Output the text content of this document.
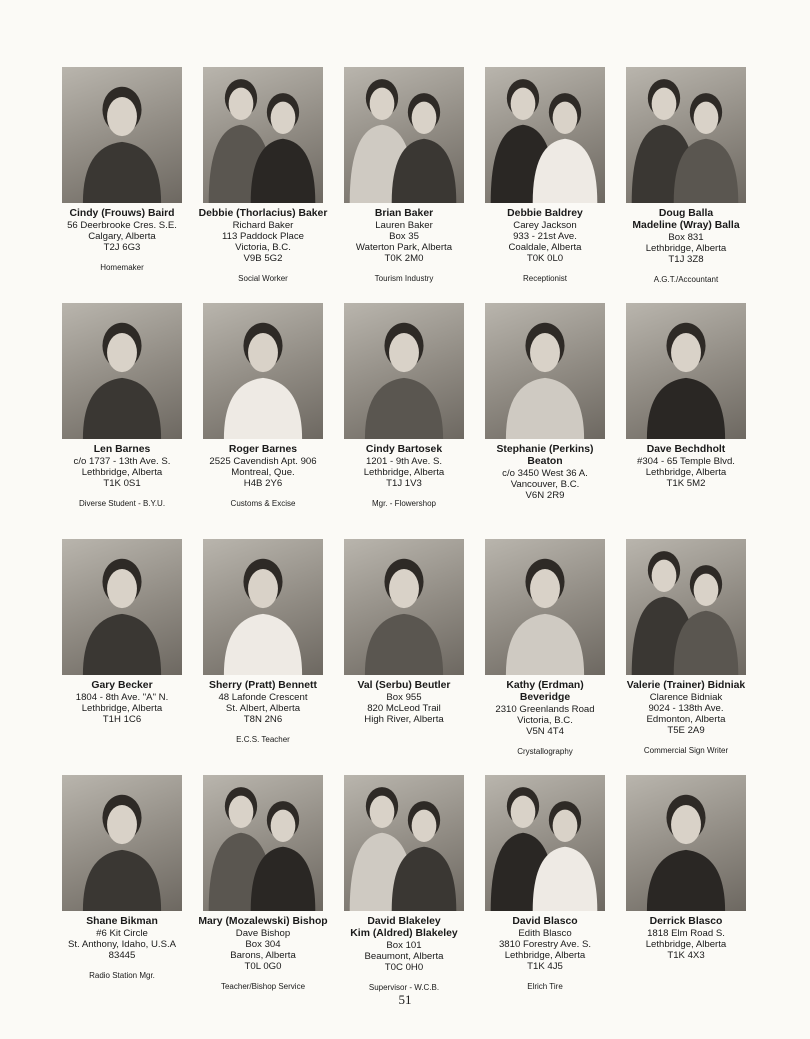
Cindy (Frouws) Baird
56 Deerbrooke Cres. S.E.
Calgary, Alberta
T2J 6G3
Homemaker
Debbie (Thorlacius) Baker
Richard Baker
113 Paddock Place
Victoria, B.C.
V9B 5G2
Social Worker
Brian Baker
Lauren Baker
Box 35
Waterton Park, Alberta
T0K 2M0
Tourism Industry
Debbie Baldrey
Carey Jackson
933 - 21st Ave.
Coaldale, Alberta
T0K 0L0
Receptionist
Doug Balla
Madeline (Wray) Balla
Box 831
Lethbridge, Alberta
T1J 3Z8
A.G.T./Accountant
Len Barnes
c/o 1737 - 13th Ave. S.
Lethbridge, Alberta
T1K 0S1
Diverse Student - B.Y.U.
Roger Barnes
2525 Cavendish Apt. 906
Montreal, Que.
H4B 2Y6
Customs & Excise
Cindy Bartosek
1201 - 9th Ave. S.
Lethbridge, Alberta
T1J 1V3
Mgr. - Flowershop
Stephanie (Perkins)
Beaton
c/o 3450 West 36 A.
Vancouver, B.C.
V6N 2R9
Dave Bechdholt
#304 - 65 Temple Blvd.
Lethbridge, Alberta
T1K 5M2
Gary Becker
1804 - 8th Ave. "A" N.
Lethbridge, Alberta
T1H 1C6
Sherry (Pratt) Bennett
48 Lafonde Crescent
St. Albert, Alberta
T8N 2N6
E.C.S. Teacher
Val (Serbu) Beutler
Box 955
820 McLeod Trail
High River, Alberta
Kathy (Erdman) Beveridge
2310 Greenlands Road
Victoria, B.C.
V5N 4T4
Crystallography
Valerie (Trainer) Bidniak
Clarence Bidniak
9024 - 138th Ave.
Edmonton, Alberta
T5E 2A9
Commercial Sign Writer
Shane Bikman
#6 Kit Circle
St. Anthony, Idaho, U.S.A
83445
Radio Station Mgr.
Mary (Mozalewski) Bishop
Dave Bishop
Box 304
Barons, Alberta
T0L 0G0
Teacher/Bishop Service
David Blakeley
Kim (Aldred) Blakeley
Box 101
Beaumont, Alberta
T0C 0H0
Supervisor - W.C.B.
David Blasco
Edith Blasco
3810 Forestry Ave. S.
Lethbridge, Alberta
T1K 4J5
Elrich Tire
Derrick Blasco
1818 Elm Road S.
Lethbridge, Alberta
T1K 4X3
51
